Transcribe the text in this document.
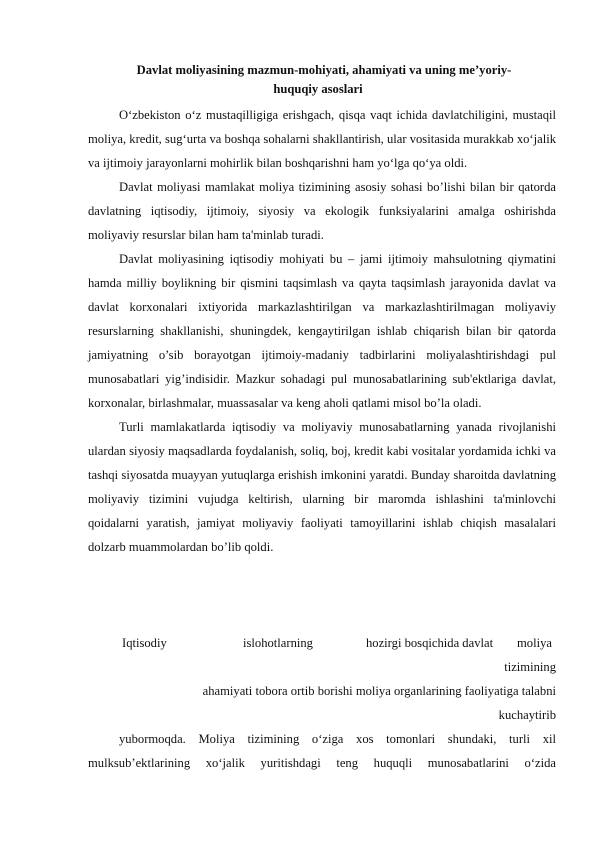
Davlat moliyasining mazmun-mohiyati, ahamiyati va uning me’yoriy-
huquqiy asoslari

O‘zbekiston o‘z mustaqilligiga erishgach, qisqa vaqt ichida davlatchiligini, mustaqil moliya, kredit, sug‘urta va boshqa sohalarni shakllantirish, ular vositasida murakkab xo‘jalik va ijtimoiy jarayonlarni mohirlik bilan boshqarishni ham yo‘lga qo‘ya oldi.

Davlat moliyasi mamlakat moliya tizimining asosiy sohasi bo’lishi bilan bir qatorda davlatning iqtisodiy, ijtimoiy, siyosiy va ekologik funksiyalarini amalga oshirishda moliyaviy resurslar bilan ham ta'minlab turadi.

Davlat moliyasining iqtisodiy mohiyati bu – jami ijtimoiy mahsulotning qiymatini hamda milliy boylikning bir qismini taqsimlash va qayta taqsimlash jarayonida davlat va davlat korxonalari ixtiyorida markazlashtirilgan va markazlashtirilmagan moliyaviy resurslarning shakllanishi, shuningdek, kengaytirilgan ishlab chiqarish bilan bir qatorda jamiyatning o’sib borayotgan ijtimoiy-madaniy tadbirlarini moliyalashtirishdagi pul munosabatlari yig’indisidir. Mazkur sohadagi pul munosabatlarining sub'ektlariga davlat, korxonalar, birlashmalar, muassasalar va keng aholi qatlami misol bo’la oladi.

Turli mamlakatlarda iqtisodiy va moliyaviy munosabatlarning yanada rivojlanishi ulardan siyosiy maqsadlarda foydalanish, soliq, boj, kredit kabi vositalar yordamida ichki va tashqi siyosatda muayyan yutuqlarga erishish imkonini yaratdi. Bunday sharoitda davlatning moliyaviy tizimini vujudga keltirish, ularning bir maromda ishlashini ta'minlovchi qoidalarni yaratish, jamiyat moliyaviy faoliyati tamoyillarini ishlab chiqish masalalari dolzarb muammolardan bo’lib qoldi.

Iqtisodiy	islohotlarning	hozirgi bosqichida davlat moliya
tizimining
ahamiyati tobora ortib borishi moliya organlarining faoliyatiga talabni
kuchaytirib
yubormoqda. Moliya tizimining o‘ziga xos tomonlari shundaki, turli xil
mulksub’ektlarining xo‘jalik yuritishdagi teng huquqli munosabatlarini o‘zida
